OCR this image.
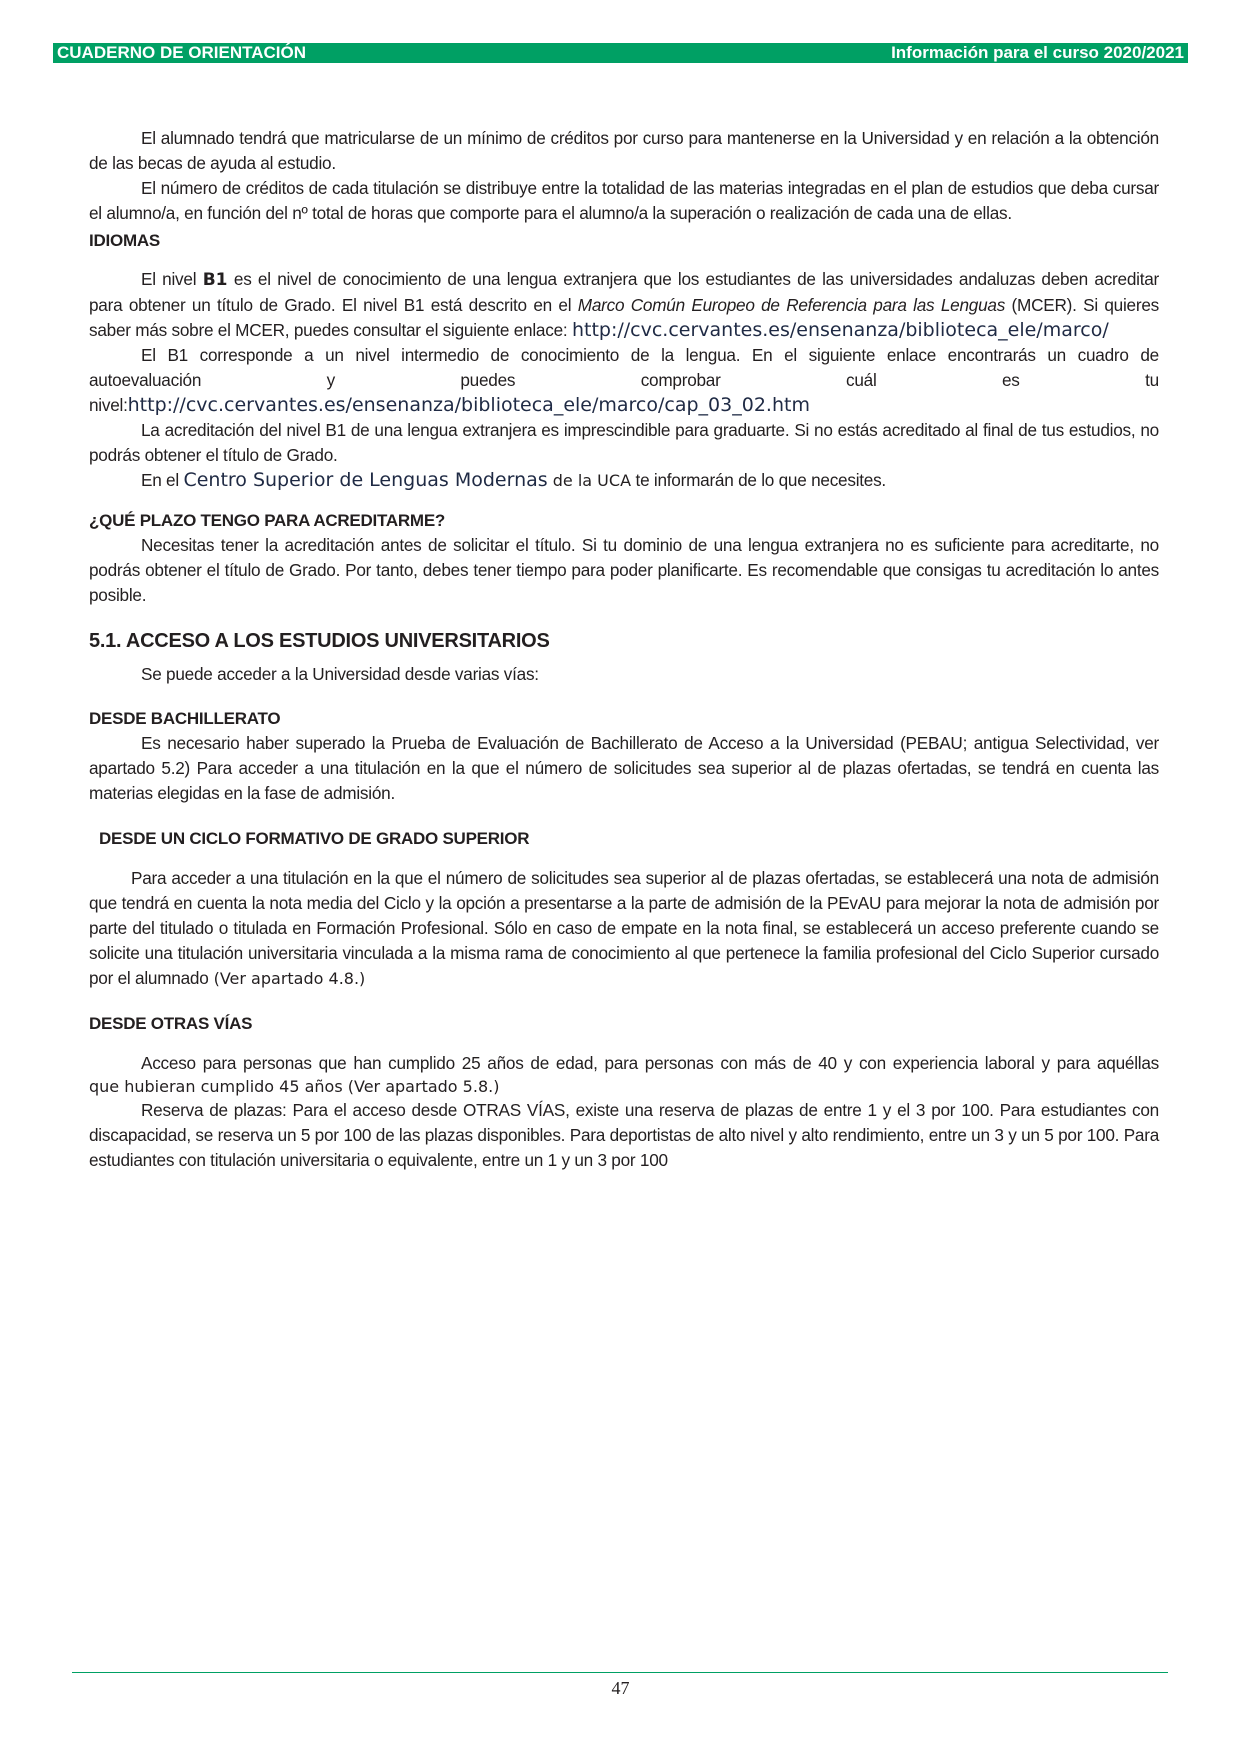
CUADERNO DE ORIENTACIÓN	Información para el curso 2020/2021

El alumnado tendrá que matricularse de un mínimo de créditos por curso para mantenerse en la Universidad y en relación a la obtención de las becas de ayuda al estudio.

El número de créditos de cada titulación se distribuye entre la totalidad de las materias integradas en el plan de estudios que deba cursar el alumno/a, en función del nº total de horas que comporte para el alumno/a la superación o realización de cada una de ellas.

IDIOMAS

El nivel B1 es el nivel de conocimiento de una lengua extranjera que los estudiantes de las universidades andaluzas deben acreditar para obtener un título de Grado. El nivel B1 está descrito en el Marco Común Europeo de Referencia para las Lenguas (MCER). Si quieres saber más sobre el MCER, puedes consultar el siguiente enlace: http://cvc.cervantes.es/ensenanza/biblioteca_ele/marco/

El B1 corresponde a un nivel intermedio de conocimiento de la lengua. En el siguiente enlace encontrarás un cuadro de

autoevaluación	y	puedes	comprobar	cuál	es	tu

nivel:http://cvc.cervantes.es/ensenanza/biblioteca_ele/marco/cap_03_02.htm

La acreditación del nivel B1 de una lengua extranjera es imprescindible para graduarte. Si no estás acreditado al final de tus estudios, no podrás obtener el título de Grado.

En el Centro Superior de Lenguas Modernas de la UCA te informarán de lo que necesites.

¿QUÉ PLAZO TENGO PARA ACREDITARME?

Necesitas tener la acreditación antes de solicitar el título. Si tu dominio de una lengua extranjera no es suficiente para acreditarte, no podrás obtener el título de Grado. Por tanto, debes tener tiempo para poder planificarte. Es recomendable que consigas tu acreditación lo antes posible.

5.1. ACCESO A LOS ESTUDIOS UNIVERSITARIOS

Se puede acceder a la Universidad desde varias vías:

DESDE BACHILLERATO

Es necesario haber superado la Prueba de Evaluación de Bachillerato de Acceso a la Universidad (PEBAU; antigua Selectividad, ver apartado 5.2) Para acceder a una titulación en la que el número de solicitudes sea superior al de plazas ofertadas, se tendrá en cuenta las materias elegidas en la fase de admisión.

DESDE UN CICLO FORMATIVO DE GRADO SUPERIOR

Para acceder a una titulación en la que el número de solicitudes sea superior al de plazas ofertadas, se establecerá una nota de admisión que tendrá en cuenta la nota media del Ciclo y la opción a presentarse a la parte de admisión de la PEvAU para mejorar la nota de admisión por parte del titulado o titulada en Formación Profesional. Sólo en caso de empate en la nota final, se establecerá un acceso preferente cuando se solicite una titulación universitaria vinculada a la misma rama de conocimiento al que pertenece la familia profesional del Ciclo Superior cursado por el alumnado (Ver apartado 4.8.)

DESDE OTRAS VÍAS

Acceso para personas que han cumplido 25 años de edad, para personas con más de 40 y con experiencia laboral y para aquéllas

que hubieran cumplido 45 años (Ver apartado 5.8.)

Reserva de plazas: Para el acceso desde OTRAS VÍAS, existe una reserva de plazas de entre 1 y el 3 por 100. Para estudiantes con discapacidad, se reserva un 5 por 100 de las plazas disponibles. Para deportistas de alto nivel y alto rendimiento, entre un 3 y un 5 por 100. Para estudiantes con titulación universitaria o equivalente, entre un 1 y un 3 por 100

47
